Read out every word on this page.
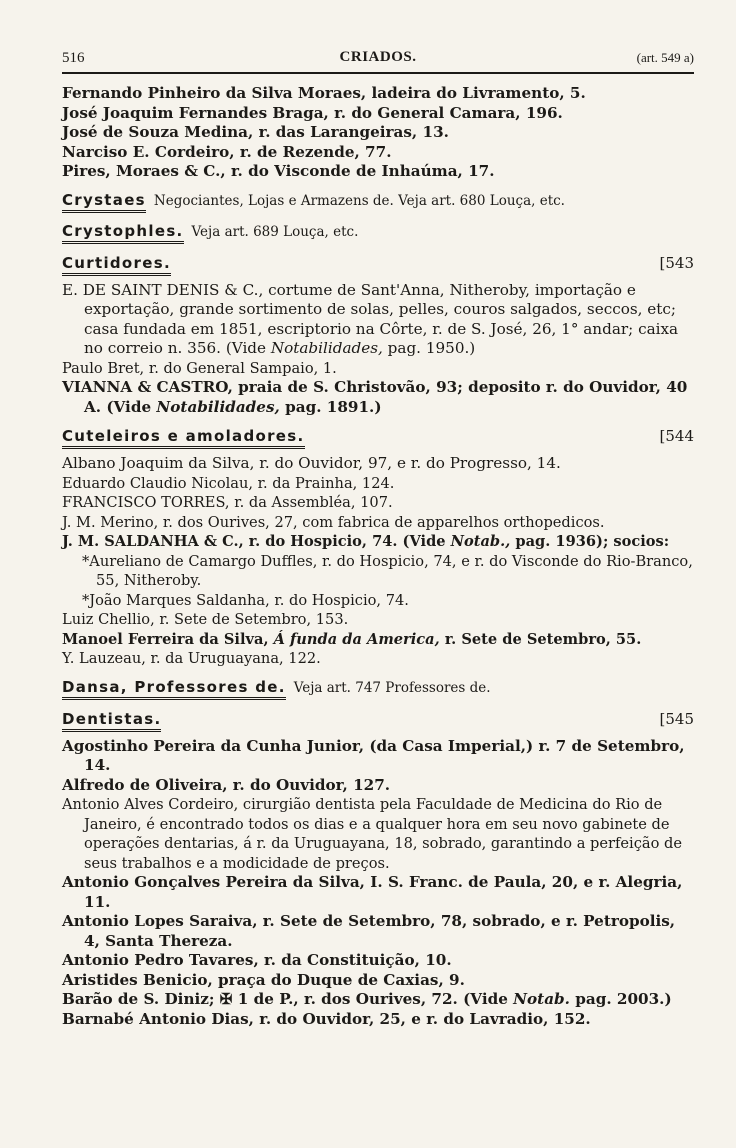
516	CRIADOS.	(art. 549 a)

Fernando Pinheiro da Silva Moraes, ladeira do Livramento, 5.

José Joaquim Fernandes Braga, r. do General Camara, 196.

José de Souza Medina, r. das Larangeiras, 13.

Narciso E. Cordeiro, r. de Rezende, 77.

Pires, Moraes & C., r. do Visconde de Inhaúma, 17.

Crystaes Negociantes, Lojas e Armazens de. Veja art. 680 Louça, etc.
Crystophles. Veja art. 689 Louça, etc.
Curtidores.	[543

E. DE SAINT DENIS & C., cortume de Sant'Anna, Nitheroby, importação e exportação, grande sortimento de solas, pelles, couros salgados, seccos, etc; casa fundada em 1851, escriptorio na Côrte, r. de S. José, 26, 1° andar; caixa no correio n. 356. (Vide Notabilidades, pag. 1950.)

Paulo Bret, r. do General Sampaio, 1.

VIANNA & CASTRO, praia de S. Christovão, 93; deposito r. do Ouvidor, 40 A. (Vide Notabilidades, pag. 1891.)

Cuteleiros e amoladores.	[544

Albano Joaquim da Silva, r. do Ouvidor, 97, e r. do Progresso, 14.

Eduardo Claudio Nicolau, r. da Prainha, 124.

FRANCISCO TORRES, r. da Assembléa, 107.

J. M. Merino, r. dos Ourives, 27, com fabrica de apparelhos orthopedicos.

J. M. SALDANHA & C., r. do Hospicio, 74. (Vide Notab., pag. 1936); socios:

*Aureliano de Camargo Duffles, r. do Hospicio, 74, e r. do Visconde do Rio-Branco, 55, Nitheroby.

*João Marques Saldanha, r. do Hospicio, 74.

Luiz Chellio, r. Sete de Setembro, 153.

Manoel Ferreira da Silva, Á funda da America, r. Sete de Setembro, 55.

Y. Lauzeau, r. da Uruguayana, 122.

Dansa, Professores de. Veja art. 747 Professores de.
Dentistas.	[545

Agostinho Pereira da Cunha Junior, (da Casa Imperial,) r. 7 de Setembro, 14.

Alfredo de Oliveira, r. do Ouvidor, 127.

Antonio Alves Cordeiro, cirurgião dentista pela Faculdade de Medicina do Rio de Janeiro, é encontrado todos os dias e a qualquer hora em seu novo gabinete de operações dentarias, á r. da Uruguayana, 18, sobrado, garantindo a perfeição de seus trabalhos e a modicidade de preços.

Antonio Gonçalves Pereira da Silva, I. S. Franc. de Paula, 20, e r. Alegria, 11.

Antonio Lopes Saraiva, r. Sete de Setembro, 78, sobrado, e r. Petropolis, 4, Santa Thereza.

Antonio Pedro Tavares, r. da Constituição, 10.

Aristides Benicio, praça do Duque de Caxias, 9.

Barão de S. Diniz; ✠ 1 de P., r. dos Ourives, 72. (Vide Notab. pag. 2003.)

Barnabé Antonio Dias, r. do Ouvidor, 25, e r. do Lavradio, 152.
